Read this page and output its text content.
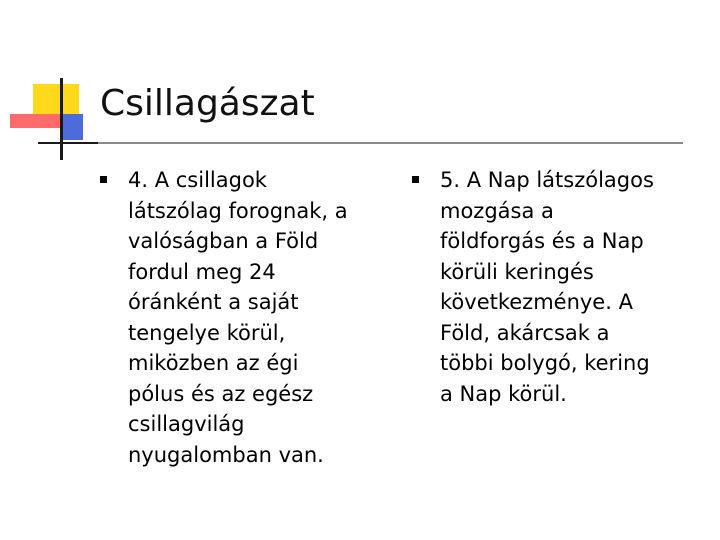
Csillagászat
4. A csillagok
látszólag forognak, a
valóságban a Föld
fordul meg 24
óránként a saját
tengelye körül,
miközben az égi
pólus és az egész
csillagvilág
nyugalomban van.
5. A Nap látszólagos
mozgása a
földforgás és a Nap
körüli keringés
következménye. A
Föld, akárcsak a
többi bolygó, kering
a Nap körül.
